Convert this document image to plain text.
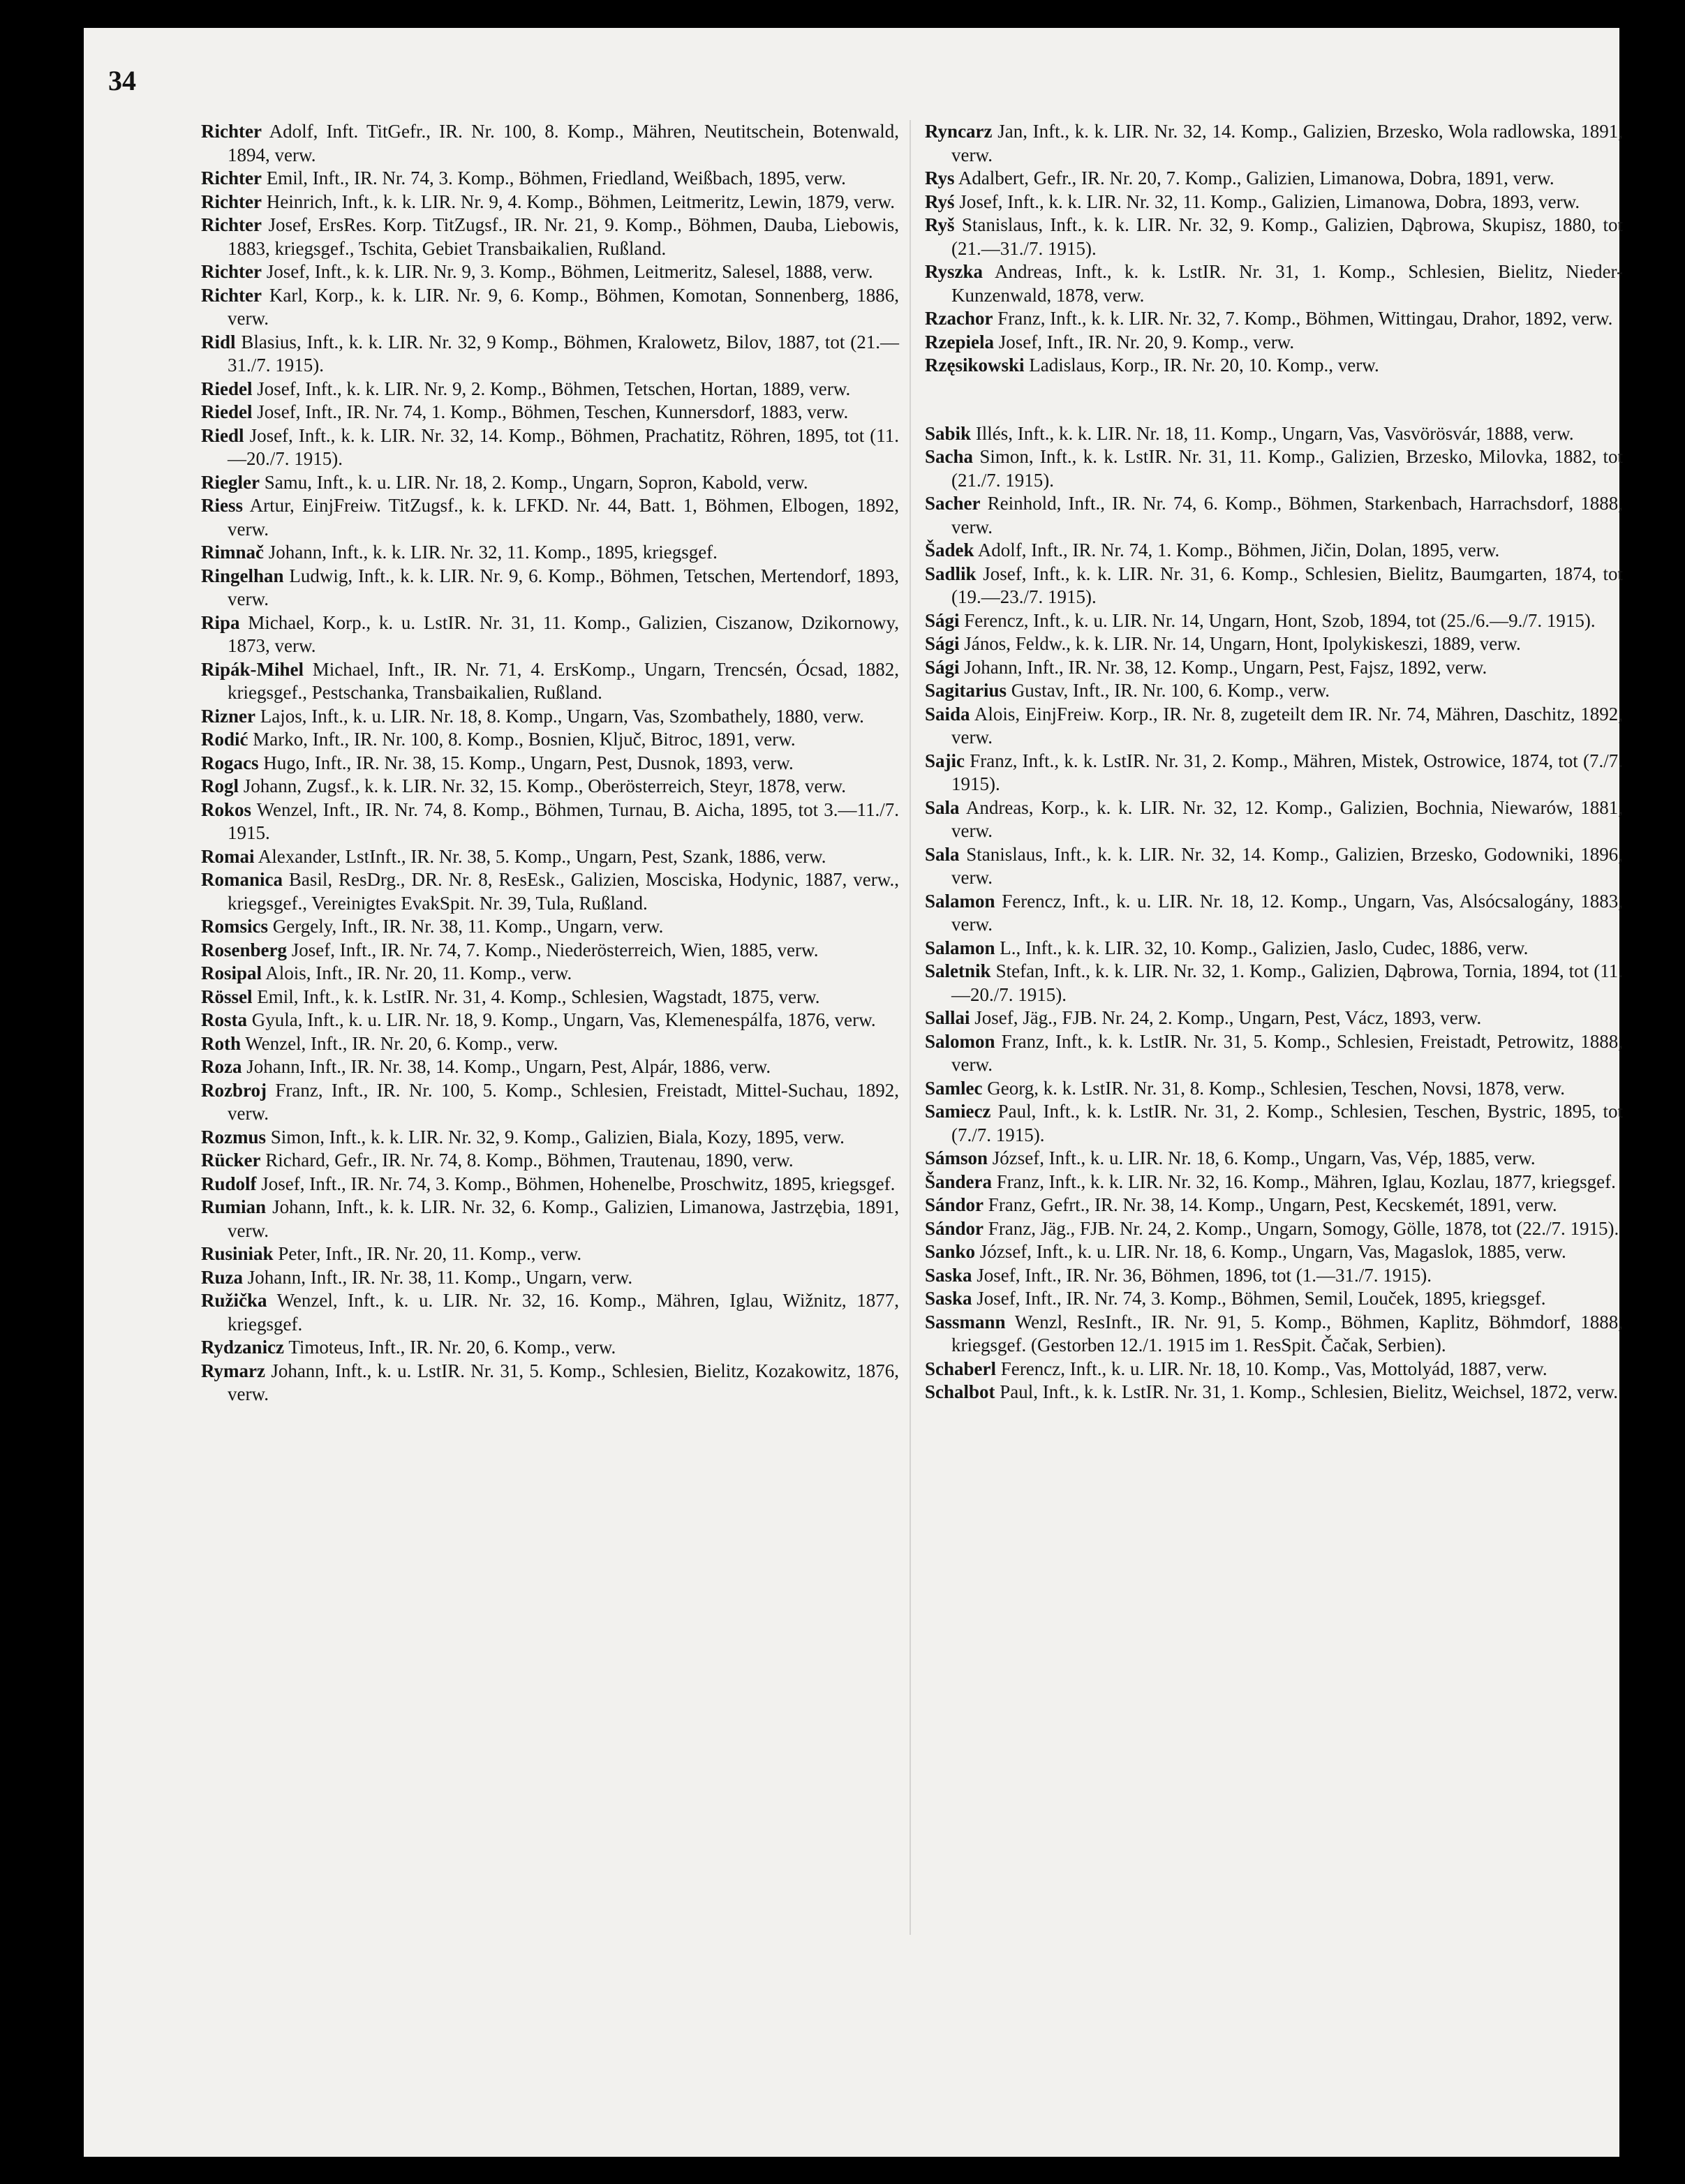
34

Richter Adolf, Inft. TitGefr., IR. Nr. 100, 8. Komp., Mähren, Neutitschein, Botenwald, 1894, verw.

Richter Emil, Inft., IR. Nr. 74, 3. Komp., Böhmen, Friedland, Weißbach, 1895, verw.

Richter Heinrich, Inft., k. k. LIR. Nr. 9, 4. Komp., Böhmen, Leitmeritz, Lewin, 1879, verw.

Richter Josef, ErsRes. Korp. TitZugsf., IR. Nr. 21, 9. Komp., Böhmen, Dauba, Liebowis, 1883, kriegsgef., Tschita, Gebiet Transbaikalien, Rußland.

Richter Josef, Inft., k. k. LIR. Nr. 9, 3. Komp., Böhmen, Leitmeritz, Salesel, 1888, verw.

Richter Karl, Korp., k. k. LIR. Nr. 9, 6. Komp., Böhmen, Komotan, Sonnenberg, 1886, verw.

Ridl Blasius, Inft., k. k. LIR. Nr. 32, 9 Komp., Böhmen, Kralowetz, Bilov, 1887, tot (21.—31./7. 1915).

Riedel Josef, Inft., k. k. LIR. Nr. 9, 2. Komp., Böhmen, Tetschen, Hortan, 1889, verw.

Riedel Josef, Inft., IR. Nr. 74, 1. Komp., Böhmen, Teschen, Kunnersdorf, 1883, verw.

Riedl Josef, Inft., k. k. LIR. Nr. 32, 14. Komp., Böhmen, Prachatitz, Röhren, 1895, tot (11.—20./7. 1915).

Riegler Samu, Inft., k. u. LIR. Nr. 18, 2. Komp., Ungarn, Sopron, Kabold, verw.

Riess Artur, EinjFreiw. TitZugsf., k. k. LFKD. Nr. 44, Batt. 1, Böhmen, Elbogen, 1892, verw.

Rimnač Johann, Inft., k. k. LIR. Nr. 32, 11. Komp., 1895, kriegsgef.

Ringelhan Ludwig, Inft., k. k. LIR. Nr. 9, 6. Komp., Böhmen, Tetschen, Mertendorf, 1893, verw.

Ripa Michael, Korp., k. u. LstIR. Nr. 31, 11. Komp., Galizien, Ciszanow, Dzikornowy, 1873, verw.

Ripák-Mihel Michael, Inft., IR. Nr. 71, 4. ErsKomp., Ungarn, Trencsén, Ócsad, 1882, kriegsgef., Pestschanka, Transbaikalien, Rußland.

Rizner Lajos, Inft., k. u. LIR. Nr. 18, 8. Komp., Ungarn, Vas, Szombathely, 1880, verw.

Rodić Marko, Inft., IR. Nr. 100, 8. Komp., Bosnien, Ključ, Bitroc, 1891, verw.

Rogacs Hugo, Inft., IR. Nr. 38, 15. Komp., Ungarn, Pest, Dusnok, 1893, verw.

Rogl Johann, Zugsf., k. k. LIR. Nr. 32, 15. Komp., Oberösterreich, Steyr, 1878, verw.

Rokos Wenzel, Inft., IR. Nr. 74, 8. Komp., Böhmen, Turnau, B. Aicha, 1895, tot 3.—11./7. 1915.

Romai Alexander, LstInft., IR. Nr. 38, 5. Komp., Ungarn, Pest, Szank, 1886, verw.

Romanica Basil, ResDrg., DR. Nr. 8, ResEsk., Galizien, Mosciska, Hodynic, 1887, verw., kriegsgef., Vereinigtes EvakSpit. Nr. 39, Tula, Rußland.

Romsics Gergely, Inft., IR. Nr. 38, 11. Komp., Ungarn, verw.

Rosenberg Josef, Inft., IR. Nr. 74, 7. Komp., Niederösterreich, Wien, 1885, verw.

Rosipal Alois, Inft., IR. Nr. 20, 11. Komp., verw.

Rössel Emil, Inft., k. k. LstIR. Nr. 31, 4. Komp., Schlesien, Wagstadt, 1875, verw.

Rosta Gyula, Inft., k. u. LIR. Nr. 18, 9. Komp., Ungarn, Vas, Klemenespálfa, 1876, verw.

Roth Wenzel, Inft., IR. Nr. 20, 6. Komp., verw.

Roza Johann, Inft., IR. Nr. 38, 14. Komp., Ungarn, Pest, Alpár, 1886, verw.

Rozbroj Franz, Inft., IR. Nr. 100, 5. Komp., Schlesien, Freistadt, Mittel-Suchau, 1892, verw.

Rozmus Simon, Inft., k. k. LIR. Nr. 32, 9. Komp., Galizien, Biala, Kozy, 1895, verw.

Rücker Richard, Gefr., IR. Nr. 74, 8. Komp., Böhmen, Trautenau, 1890, verw.

Rudolf Josef, Inft., IR. Nr. 74, 3. Komp., Böhmen, Hohenelbe, Proschwitz, 1895, kriegsgef.

Rumian Johann, Inft., k. k. LIR. Nr. 32, 6. Komp., Galizien, Limanowa, Jastrzębia, 1891, verw.

Rusiniak Peter, Inft., IR. Nr. 20, 11. Komp., verw.

Ruza Johann, Inft., IR. Nr. 38, 11. Komp., Ungarn, verw.

Ružička Wenzel, Inft., k. u. LIR. Nr. 32, 16. Komp., Mähren, Iglau, Wižnitz, 1877, kriegsgef.

Rydzanicz Timoteus, Inft., IR. Nr. 20, 6. Komp., verw.

Rymarz Johann, Inft., k. u. LstIR. Nr. 31, 5. Komp., Schlesien, Bielitz, Kozakowitz, 1876, verw.

Ryncarz Jan, Inft., k. k. LIR. Nr. 32, 14. Komp., Galizien, Brzesko, Wola radlowska, 1891, verw.

Rys Adalbert, Gefr., IR. Nr. 20, 7. Komp., Galizien, Limanowa, Dobra, 1891, verw.

Ryś Josef, Inft., k. k. LIR. Nr. 32, 11. Komp., Galizien, Limanowa, Dobra, 1893, verw.

Ryš Stanislaus, Inft., k. k. LIR. Nr. 32, 9. Komp., Galizien, Dąbrowa, Skupisz, 1880, tot (21.—31./7. 1915).

Ryszka Andreas, Inft., k. k. LstIR. Nr. 31, 1. Komp., Schlesien, Bielitz, Nieder-Kunzenwald, 1878, verw.

Rzachor Franz, Inft., k. k. LIR. Nr. 32, 7. Komp., Böhmen, Wittingau, Drahor, 1892, verw.

Rzepiela Josef, Inft., IR. Nr. 20, 9. Komp., verw.

Rzęsikowski Ladislaus, Korp., IR. Nr. 20, 10. Komp., verw.

Sabik Illés, Inft., k. k. LIR. Nr. 18, 11. Komp., Ungarn, Vas, Vasvörösvár, 1888, verw.

Sacha Simon, Inft., k. k. LstIR. Nr. 31, 11. Komp., Galizien, Brzesko, Milovka, 1882, tot (21./7. 1915).

Sacher Reinhold, Inft., IR. Nr. 74, 6. Komp., Böhmen, Starkenbach, Harrachsdorf, 1888, verw.

Šadek Adolf, Inft., IR. Nr. 74, 1. Komp., Böhmen, Jičin, Dolan, 1895, verw.

Sadlik Josef, Inft., k. k. LIR. Nr. 31, 6. Komp., Schlesien, Bielitz, Baumgarten, 1874, tot (19.—23./7. 1915).

Sági Ferencz, Inft., k. u. LIR. Nr. 14, Ungarn, Hont, Szob, 1894, tot (25./6.—9./7. 1915).

Sági János, Feldw., k. k. LIR. Nr. 14, Ungarn, Hont, Ipolykiskeszi, 1889, verw.

Sági Johann, Inft., IR. Nr. 38, 12. Komp., Ungarn, Pest, Fajsz, 1892, verw.

Sagitarius Gustav, Inft., IR. Nr. 100, 6. Komp., verw.

Saida Alois, EinjFreiw. Korp., IR. Nr. 8, zugeteilt dem IR. Nr. 74, Mähren, Daschitz, 1892, verw.

Sajic Franz, Inft., k. k. LstIR. Nr. 31, 2. Komp., Mähren, Mistek, Ostrowice, 1874, tot (7./7. 1915).

Sala Andreas, Korp., k. k. LIR. Nr. 32, 12. Komp., Galizien, Bochnia, Niewarów, 1881, verw.

Sala Stanislaus, Inft., k. k. LIR. Nr. 32, 14. Komp., Galizien, Brzesko, Godowniki, 1896, verw.

Salamon Ferencz, Inft., k. u. LIR. Nr. 18, 12. Komp., Ungarn, Vas, Alsócsalogány, 1883, verw.

Salamon L., Inft., k. k. LIR. 32, 10. Komp., Galizien, Jaslo, Cudec, 1886, verw.

Saletnik Stefan, Inft., k. k. LIR. Nr. 32, 1. Komp., Galizien, Dąbrowa, Tornia, 1894, tot (11.—20./7. 1915).

Sallai Josef, Jäg., FJB. Nr. 24, 2. Komp., Ungarn, Pest, Vácz, 1893, verw.

Salomon Franz, Inft., k. k. LstIR. Nr. 31, 5. Komp., Schlesien, Freistadt, Petrowitz, 1888, verw.

Samlec Georg, k. k. LstIR. Nr. 31, 8. Komp., Schlesien, Teschen, Novsi, 1878, verw.

Samiecz Paul, Inft., k. k. LstIR. Nr. 31, 2. Komp., Schlesien, Teschen, Bystric, 1895, tot (7./7. 1915).

Sámson József, Inft., k. u. LIR. Nr. 18, 6. Komp., Ungarn, Vas, Vép, 1885, verw.

Šandera Franz, Inft., k. k. LIR. Nr. 32, 16. Komp., Mähren, Iglau, Kozlau, 1877, kriegsgef.

Sándor Franz, Gefrt., IR. Nr. 38, 14. Komp., Ungarn, Pest, Kecskemét, 1891, verw.

Sándor Franz, Jäg., FJB. Nr. 24, 2. Komp., Ungarn, Somogy, Gölle, 1878, tot (22./7. 1915).

Sanko József, Inft., k. u. LIR. Nr. 18, 6. Komp., Ungarn, Vas, Magaslok, 1885, verw.

Saska Josef, Inft., IR. Nr. 36, Böhmen, 1896, tot (1.—31./7. 1915).

Saska Josef, Inft., IR. Nr. 74, 3. Komp., Böhmen, Semil, Louček, 1895, kriegsgef.

Sassmann Wenzl, ResInft., IR. Nr. 91, 5. Komp., Böhmen, Kaplitz, Böhmdorf, 1888, kriegsgef. (Gestorben 12./1. 1915 im 1. ResSpit. Čačak, Serbien).

Schaberl Ferencz, Inft., k. u. LIR. Nr. 18, 10. Komp., Vas, Mottolyád, 1887, verw.

Schalbot Paul, Inft., k. k. LstIR. Nr. 31, 1. Komp., Schlesien, Bielitz, Weichsel, 1872, verw.
